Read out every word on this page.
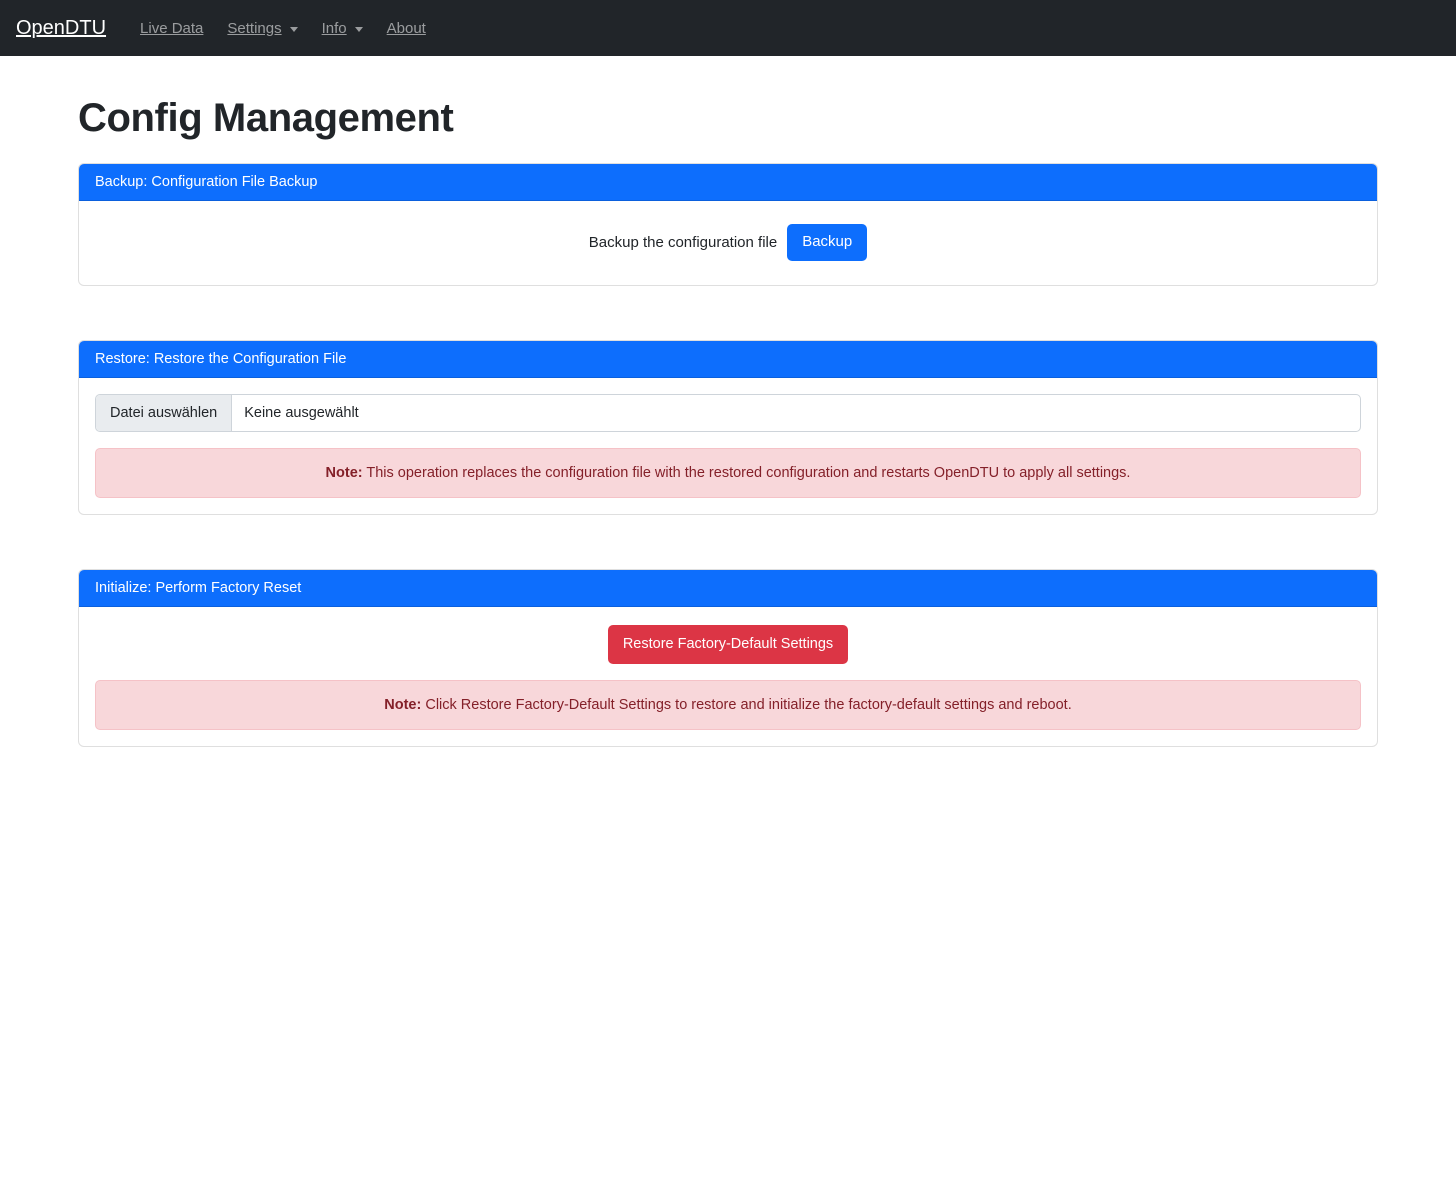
OpenDTU Live Data Settings	Info	About
Config Management
Backup: Configuration File Backup
Backup the configuration file	Backup
Restore: Restore the Configuration File
Datei auswählen	Keine ausgewählt
Note: This operation replaces the configuration file with the restored configuration and restarts OpenDTU to apply all settings.
Initialize: Perform Factory Reset
Restore Factory-Default Settings
Note: Click Restore Factory-Default Settings to restore and initialize the factory-default settings and reboot.
